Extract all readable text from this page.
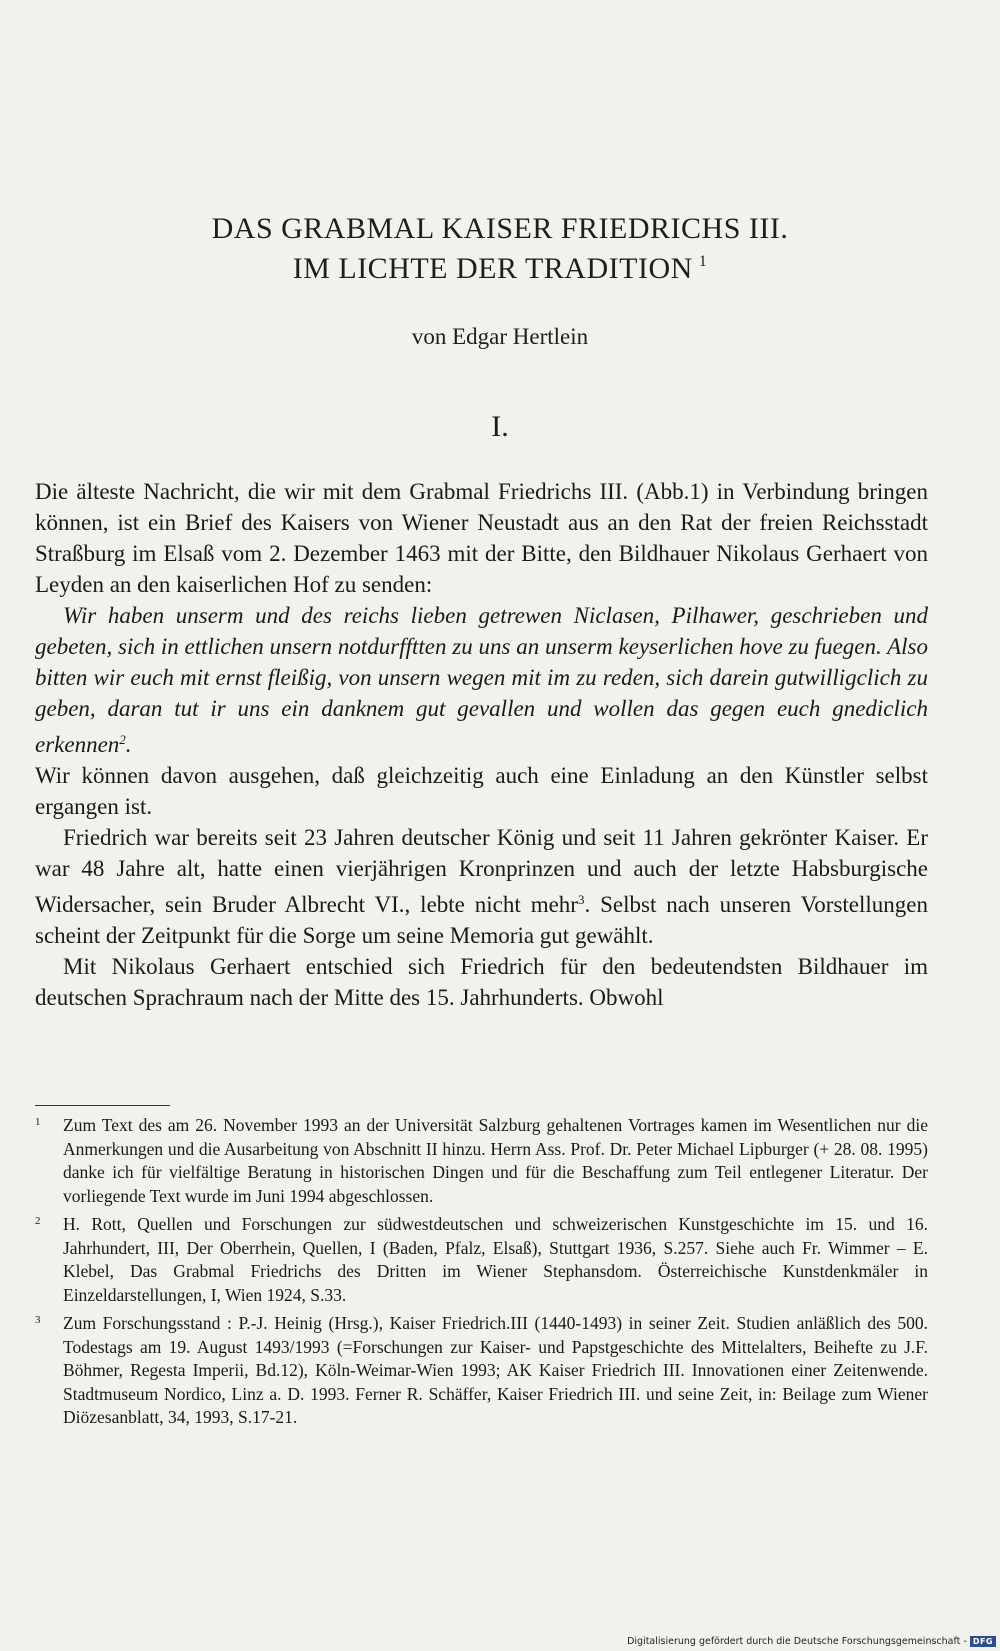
DAS GRABMAL KAISER FRIEDRICHS III.
IM LICHTE DER TRADITION $^1$
von Edgar Hertlein
I.

Die älteste Nachricht, die wir mit dem Grabmal Friedrichs III. (Abb.1) in Verbindung bringen können, ist ein Brief des Kaisers von Wiener Neustadt aus an den Rat der freien Reichsstadt Straßburg im Elsaß vom 2. Dezember 1463 mit der Bitte, den Bildhauer Nikolaus Gerhaert von Leyden an den kaiserlichen Hof zu senden:

Wir haben unserm und des reichs lieben getrewen Niclasen, Pilhawer, geschrieben und gebeten, sich in ettlichen unsern notdurfftten zu uns an unserm keyserlichen hove zu fuegen. Also bitten wir euch mit ernst fleißig, von unsern wegen mit im zu reden, sich darein gutwilligclich zu geben, daran tut ir uns ein danknem gut gevallen und wollen das gegen euch gnediclich erkennen$^2$.

Wir können davon ausgehen, daß gleichzeitig auch eine Einladung an den Künstler selbst ergangen ist.

Friedrich war bereits seit 23 Jahren deutscher König und seit 11 Jahren gekrönter Kaiser. Er war 48 Jahre alt, hatte einen vierjährigen Kronprinzen und auch der letzte Habsburgische Widersacher, sein Bruder Albrecht VI., lebte nicht mehr$^3$. Selbst nach unseren Vorstellungen scheint der Zeitpunkt für die Sorge um seine Memoria gut gewählt.

Mit Nikolaus Gerhaert entschied sich Friedrich für den bedeutendsten Bildhauer im deutschen Sprachraum nach der Mitte des 15. Jahrhunderts. Obwohl

1 Zum Text des am 26. November 1993 an der Universität Salzburg gehaltenen Vortrages kamen im Wesentlichen nur die Anmerkungen und die Ausarbeitung von Abschnitt II hinzu. Herrn Ass. Prof. Dr. Peter Michael Lipburger (+ 28. 08. 1995) danke ich für vielfältige Beratung in historischen Dingen und für die Beschaffung zum Teil entlegener Literatur. Der vorliegende Text wurde im Juni 1994 abgeschlossen.
2 H. Rott, Quellen und Forschungen zur südwestdeutschen und schweizerischen Kunstgeschichte im 15. und 16. Jahrhundert, III, Der Oberrhein, Quellen, I (Baden, Pfalz, Elsaß), Stuttgart 1936, S.257. Siehe auch Fr. Wimmer – E. Klebel, Das Grabmal Friedrichs des Dritten im Wiener Stephansdom. Österreichische Kunstdenkmäler in Einzeldarstellungen, I, Wien 1924, S.33.
3 Zum Forschungsstand : P.-J. Heinig (Hrsg.), Kaiser Friedrich.III (1440-1493) in seiner Zeit. Studien anläßlich des 500. Todestags am 19. August 1493/1993 (=Forschungen zur Kaiser- und Papstgeschichte des Mittelalters, Beihefte zu J.F. Böhmer, Regesta Imperii, Bd.12), Köln-Weimar-Wien 1993; AK Kaiser Friedrich III. Innovationen einer Zeitenwende. Stadtmuseum Nordico, Linz a. D. 1993. Ferner R. Schäffer, Kaiser Friedrich III. und seine Zeit, in: Beilage zum Wiener Diözesanblatt, 34, 1993, S.17-21.
Digitalisierung gefördert durch die Deutsche Forschungsgemeinschaft - DFG
